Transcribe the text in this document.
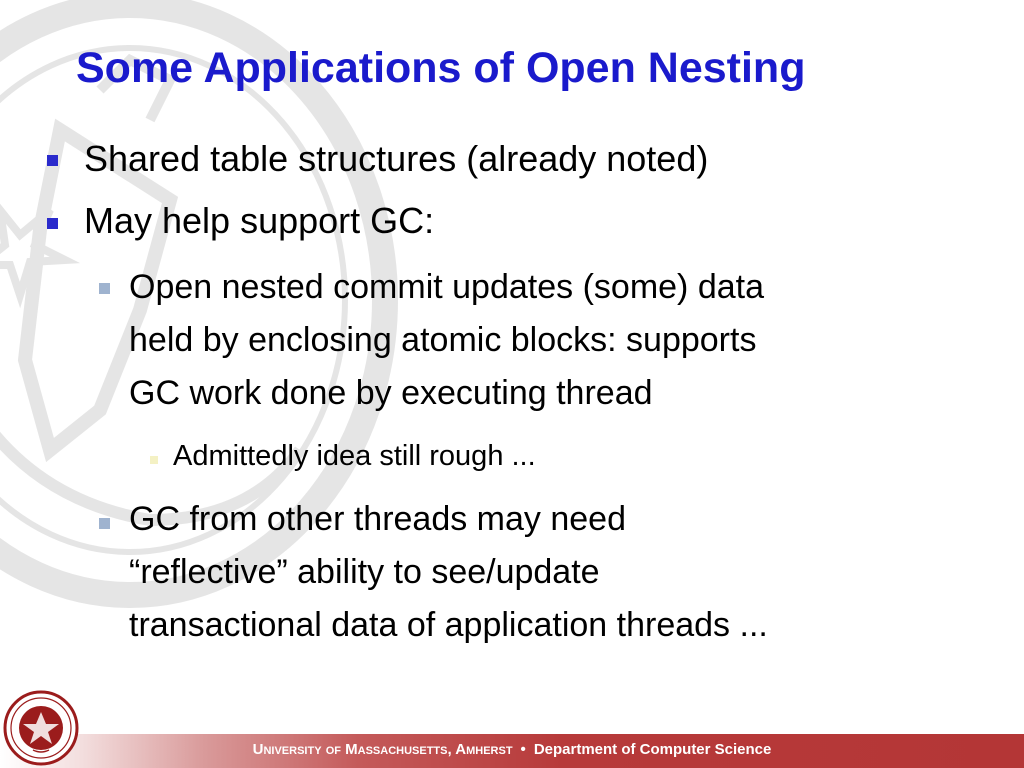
Some Applications of Open Nesting
Shared table structures (already noted)
May help support GC:
Open nested commit updates (some) data
held by enclosing atomic blocks: supports
GC work done by executing thread
Admittedly idea still rough ...
GC from other threads may need
“reflective” ability to see/update
transactional data of application threads ...
University of Massachusetts, Amherst • Department of Computer Science
